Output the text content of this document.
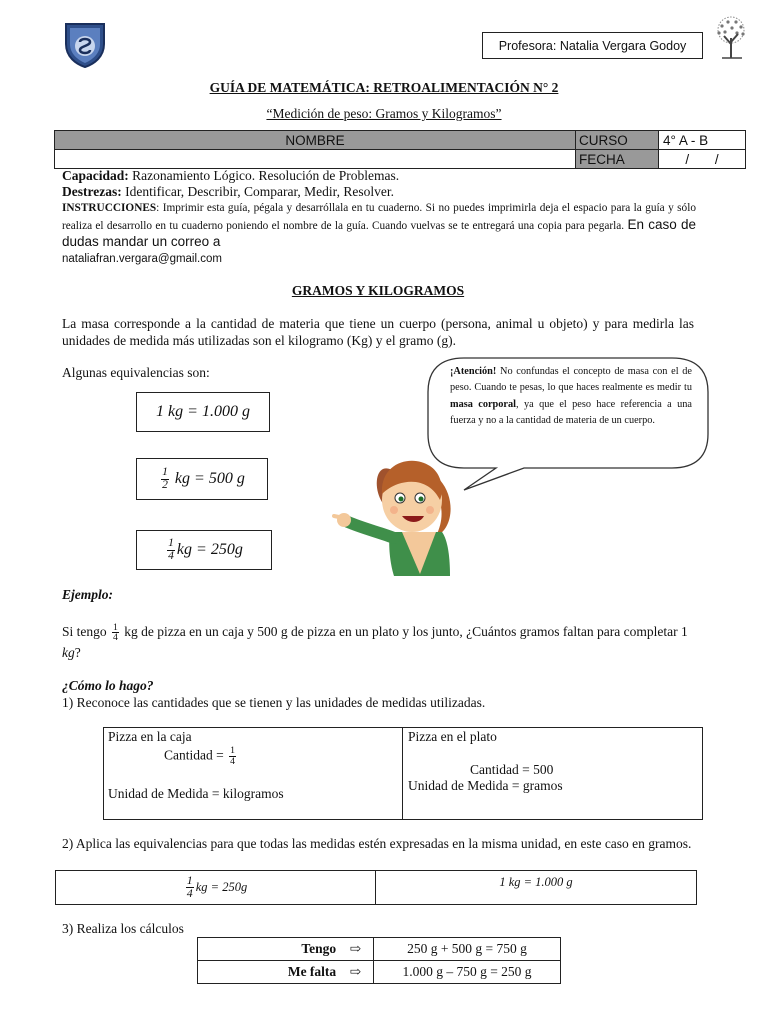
Profesora: Natalia Vergara Godoy
GUÍA DE MATEMÁTICA: RETROALIMENTACIÓN N° 2
“Medición de peso: Gramos y Kilogramos”
NOMBRE	CURSO	4° A - B
	FECHA	/ /
Capacidad: Razonamiento Lógico. Resolución de Problemas.
Destrezas: Identificar, Describir, Comparar, Medir, Resolver.
INSTRUCCIONES: Imprimir esta guía, pégala y desarróllala en tu cuaderno. Si no puedes imprimirla deja el espacio para la guía y sólo realiza el desarrollo en tu cuaderno poniendo el nombre de la guía. Cuando vuelvas se te entregará una copia para pegarla. En caso de dudas mandar un correo a
nataliafran.vergara@gmail.com
GRAMOS Y KILOGRAMOS
La masa corresponde a la cantidad de materia que tiene un cuerpo (persona, animal u objeto) y para medirla las unidades de medida más utilizadas son el kilogramo (Kg) y el gramo (g).
Algunas equivalencias son:
1 kg = 1.000 g
$\frac{1}{2}$
kg = 500 g
$\frac{1}{4}$ kg = 250g
¡Atención! No confundas el concepto de masa con el de peso. Cuando te pesas, lo que haces realmente es medir tu masa corporal, ya que el peso hace referencia a una fuerza y no a la cantidad de materia de un cuerpo.
Ejemplo:
Si tengo $\frac{1}{4}$ kg de pizza en un caja y 500 g de pizza en un plato y los junto, ¿Cuántos gramos faltan para completar 1 kg?
¿Cómo lo hago?
1) Reconoce las cantidades que se tienen y las unidades de medidas utilizadas.
Pizza en la caja
Cantidad = $\frac{1}{4}$
Unidad de Medida = kilogramos
Pizza en el plato
Cantidad = 500
Unidad de Medida = gramos
2) Aplica las equivalencias para que todas las medidas estén expresadas en la misma unidad, en este caso en gramos.
$\frac{1}{4}$ kg = 250g	1 kg = 1.000 g
3) Realiza los cálculos
Tengo ⇨	250 g + 500 g = 750 g
Me falta ⇨	1.000 g – 750 g = 250 g
